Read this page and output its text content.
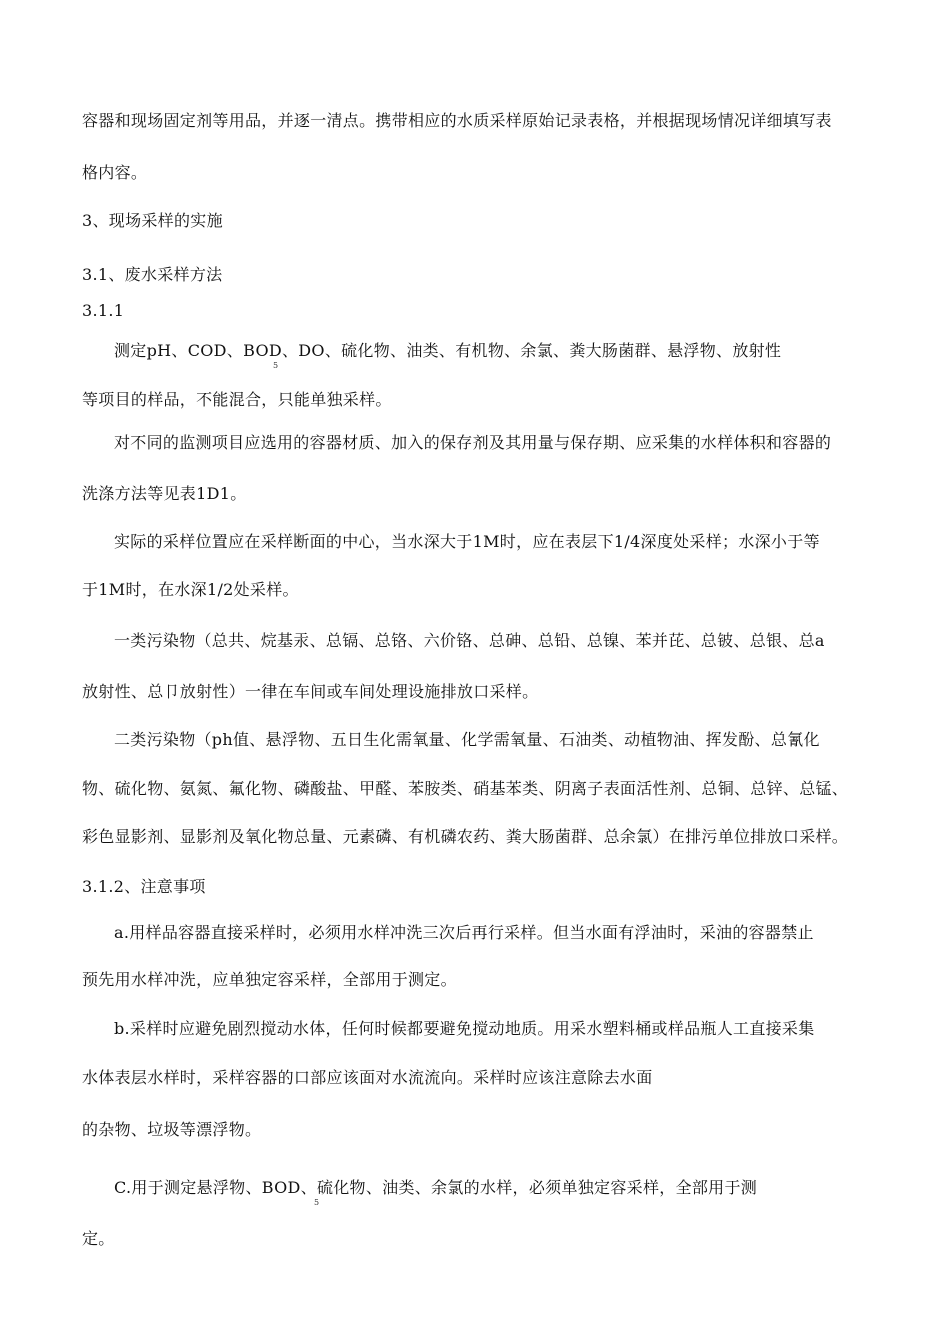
容器和现场固定剂等用品，并逐一清点。携带相应的水质采样原始记录表格，并根据现场情况详细填写表
格内容。
3、现场采样的实施
3.1、废水采样方法
3.1.1
测定pH、COD、BOD、DO、硫化物、油类、有机物、余氯、粪大肠菌群、悬浮物、放射性
5
等项目的样品，不能混合，只能单独采样。
对不同的监测项目应选用的容器材质、加入的保存剂及其用量与保存期、应采集的水样体积和容器的
洗涤方法等见表1D1。
实际的采样位置应在采样断面的中心，当水深大于1M时，应在表层下1/4深度处采样；水深小于等
于1M时，在水深1/2处采样。
一类污染物（总共、烷基汞、总镉、总铬、六价铬、总砷、总铅、总镍、苯并芘、总铍、总银、总a
放射性、总卩放射性）一律在车间或车间处理设施排放口采样。
二类污染物（ph值、悬浮物、五日生化需氧量、化学需氧量、石油类、动植物油、挥发酚、总氰化
物、硫化物、氨氮、氟化物、磷酸盐、甲醛、苯胺类、硝基苯类、阴离子表面活性剂、总铜、总锌、总锰、
彩色显影剂、显影剂及氧化物总量、元素磷、有机磷农药、粪大肠菌群、总余氯）在排污单位排放口采样。
3.1.2、注意事项
a.用样品容器直接采样时，必须用水样冲洗三次后再行采样。但当水面有浮油时，采油的容器禁止
预先用水样冲洗，应单独定容采样，全部用于测定。
b.采样时应避免剧烈搅动水体，任何时候都要避免搅动地质。用采水塑料桶或样品瓶人工直接采集
水体表层水样时，采样容器的口部应该面对水流流向。采样时应该注意除去水面
的杂物、垃圾等漂浮物。
C.用于测定悬浮物、BOD、硫化物、油类、余氯的水样，必须单独定容采样，全部用于测
5
定。
